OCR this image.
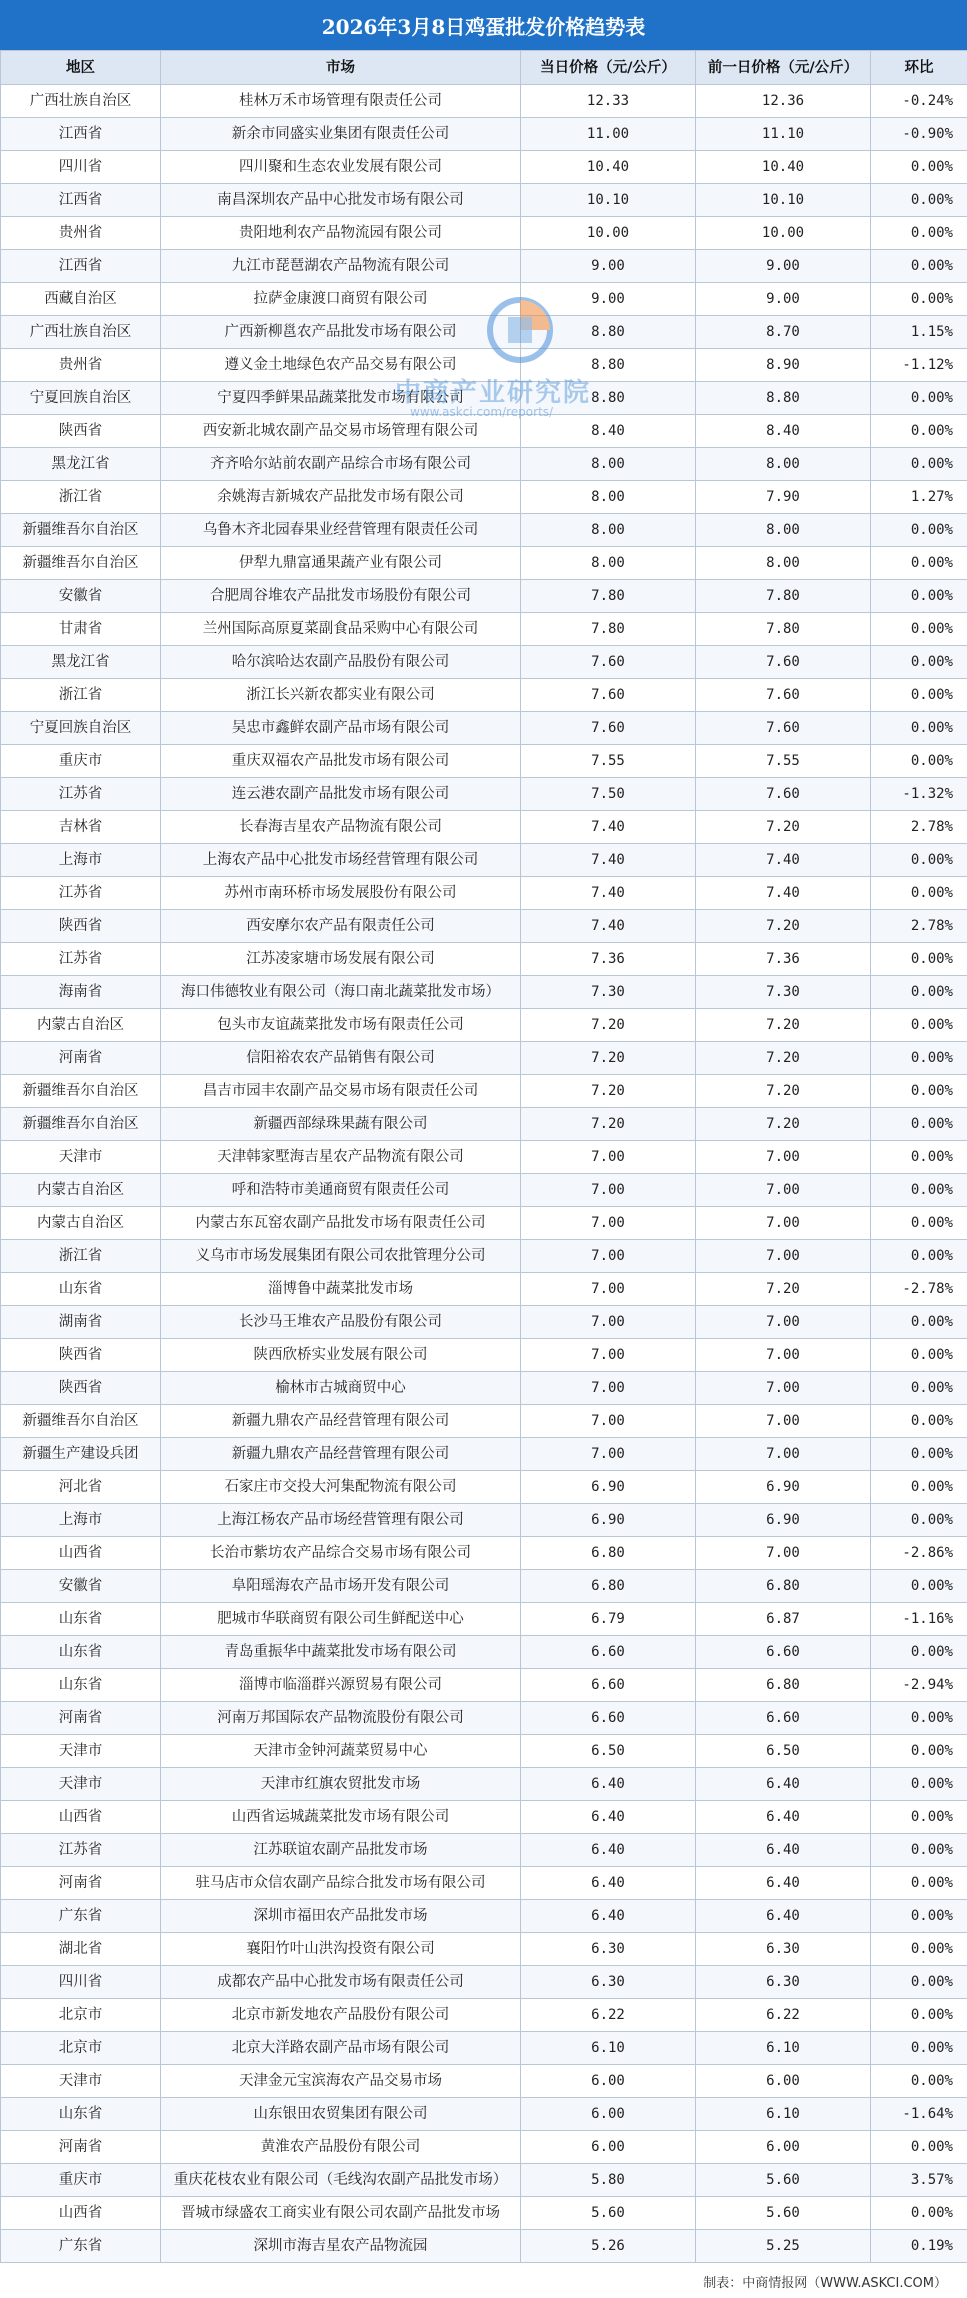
2026年3月8日鸡蛋批发价格趋势表
地区	市场	当日价格（元/公斤）	前一日价格（元/公斤）	环比
广西壮族自治区	桂林万禾市场管理有限责任公司	12.33	12.36	-0.24%
江西省	新余市同盛实业集团有限责任公司	11.00	11.10	-0.90%
四川省	四川聚和生态农业发展有限公司	10.40	10.40	0.00%
江西省	南昌深圳农产品中心批发市场有限公司	10.10	10.10	0.00%
贵州省	贵阳地利农产品物流园有限公司	10.00	10.00	0.00%
江西省	九江市琵琶湖农产品物流有限公司	9.00	9.00	0.00%
西藏自治区	拉萨金康渡口商贸有限公司	9.00	9.00	0.00%
广西壮族自治区	广西新柳邕农产品批发市场有限公司	8.80	8.70	1.15%
贵州省	遵义金土地绿色农产品交易有限公司	8.80	8.90	-1.12%
宁夏回族自治区	宁夏四季鲜果品蔬菜批发市场有限公司	8.80	8.80	0.00%
陕西省	西安新北城农副产品交易市场管理有限公司	8.40	8.40	0.00%
黑龙江省	齐齐哈尔站前农副产品综合市场有限公司	8.00	8.00	0.00%
浙江省	余姚海吉新城农产品批发市场有限公司	8.00	7.90	1.27%
新疆维吾尔自治区	乌鲁木齐北园春果业经营管理有限责任公司	8.00	8.00	0.00%
新疆维吾尔自治区	伊犁九鼎富通果蔬产业有限公司	8.00	8.00	0.00%
安徽省	合肥周谷堆农产品批发市场股份有限公司	7.80	7.80	0.00%
甘肃省	兰州国际高原夏菜副食品采购中心有限公司	7.80	7.80	0.00%
黑龙江省	哈尔滨哈达农副产品股份有限公司	7.60	7.60	0.00%
浙江省	浙江长兴新农都实业有限公司	7.60	7.60	0.00%
宁夏回族自治区	吴忠市鑫鲜农副产品市场有限公司	7.60	7.60	0.00%
重庆市	重庆双福农产品批发市场有限公司	7.55	7.55	0.00%
江苏省	连云港农副产品批发市场有限公司	7.50	7.60	-1.32%
吉林省	长春海吉星农产品物流有限公司	7.40	7.20	2.78%
上海市	上海农产品中心批发市场经营管理有限公司	7.40	7.40	0.00%
江苏省	苏州市南环桥市场发展股份有限公司	7.40	7.40	0.00%
陕西省	西安摩尔农产品有限责任公司	7.40	7.20	2.78%
江苏省	江苏凌家塘市场发展有限公司	7.36	7.36	0.00%
海南省	海口伟德牧业有限公司（海口南北蔬菜批发市场）	7.30	7.30	0.00%
内蒙古自治区	包头市友谊蔬菜批发市场有限责任公司	7.20	7.20	0.00%
河南省	信阳裕农农产品销售有限公司	7.20	7.20	0.00%
新疆维吾尔自治区	昌吉市园丰农副产品交易市场有限责任公司	7.20	7.20	0.00%
新疆维吾尔自治区	新疆西部绿珠果蔬有限公司	7.20	7.20	0.00%
天津市	天津韩家墅海吉星农产品物流有限公司	7.00	7.00	0.00%
内蒙古自治区	呼和浩特市美通商贸有限责任公司	7.00	7.00	0.00%
内蒙古自治区	内蒙古东瓦窑农副产品批发市场有限责任公司	7.00	7.00	0.00%
浙江省	义乌市市场发展集团有限公司农批管理分公司	7.00	7.00	0.00%
山东省	淄博鲁中蔬菜批发市场	7.00	7.20	-2.78%
湖南省	长沙马王堆农产品股份有限公司	7.00	7.00	0.00%
陕西省	陕西欣桥实业发展有限公司	7.00	7.00	0.00%
陕西省	榆林市古城商贸中心	7.00	7.00	0.00%
新疆维吾尔自治区	新疆九鼎农产品经营管理有限公司	7.00	7.00	0.00%
新疆生产建设兵团	新疆九鼎农产品经营管理有限公司	7.00	7.00	0.00%
河北省	石家庄市交投大河集配物流有限公司	6.90	6.90	0.00%
上海市	上海江杨农产品市场经营管理有限公司	6.90	6.90	0.00%
山西省	长治市紫坊农产品综合交易市场有限公司	6.80	7.00	-2.86%
安徽省	阜阳瑶海农产品市场开发有限公司	6.80	6.80	0.00%
山东省	肥城市华联商贸有限公司生鲜配送中心	6.79	6.87	-1.16%
山东省	青岛重振华中蔬菜批发市场有限公司	6.60	6.60	0.00%
山东省	淄博市临淄群兴源贸易有限公司	6.60	6.80	-2.94%
河南省	河南万邦国际农产品物流股份有限公司	6.60	6.60	0.00%
天津市	天津市金钟河蔬菜贸易中心	6.50	6.50	0.00%
天津市	天津市红旗农贸批发市场	6.40	6.40	0.00%
山西省	山西省运城蔬菜批发市场有限公司	6.40	6.40	0.00%
江苏省	江苏联谊农副产品批发市场	6.40	6.40	0.00%
河南省	驻马店市众信农副产品综合批发市场有限公司	6.40	6.40	0.00%
广东省	深圳市福田农产品批发市场	6.40	6.40	0.00%
湖北省	襄阳竹叶山洪沟投资有限公司	6.30	6.30	0.00%
四川省	成都农产品中心批发市场有限责任公司	6.30	6.30	0.00%
北京市	北京市新发地农产品股份有限公司	6.22	6.22	0.00%
北京市	北京大洋路农副产品市场有限公司	6.10	6.10	0.00%
天津市	天津金元宝滨海农产品交易市场	6.00	6.00	0.00%
山东省	山东银田农贸集团有限公司	6.00	6.10	-1.64%
河南省	黄淮农产品股份有限公司	6.00	6.00	0.00%
重庆市	重庆花枝农业有限公司（毛线沟农副产品批发市场）	5.80	5.60	3.57%
山西省	晋城市绿盛农工商实业有限公司农副产品批发市场	5.60	5.60	0.00%
广东省	深圳市海吉星农产品物流园	5.26	5.25	0.19%
中商产业研究院
www.askci.com/reports/
制表：中商情报网（WWW.ASKCI.COM）
